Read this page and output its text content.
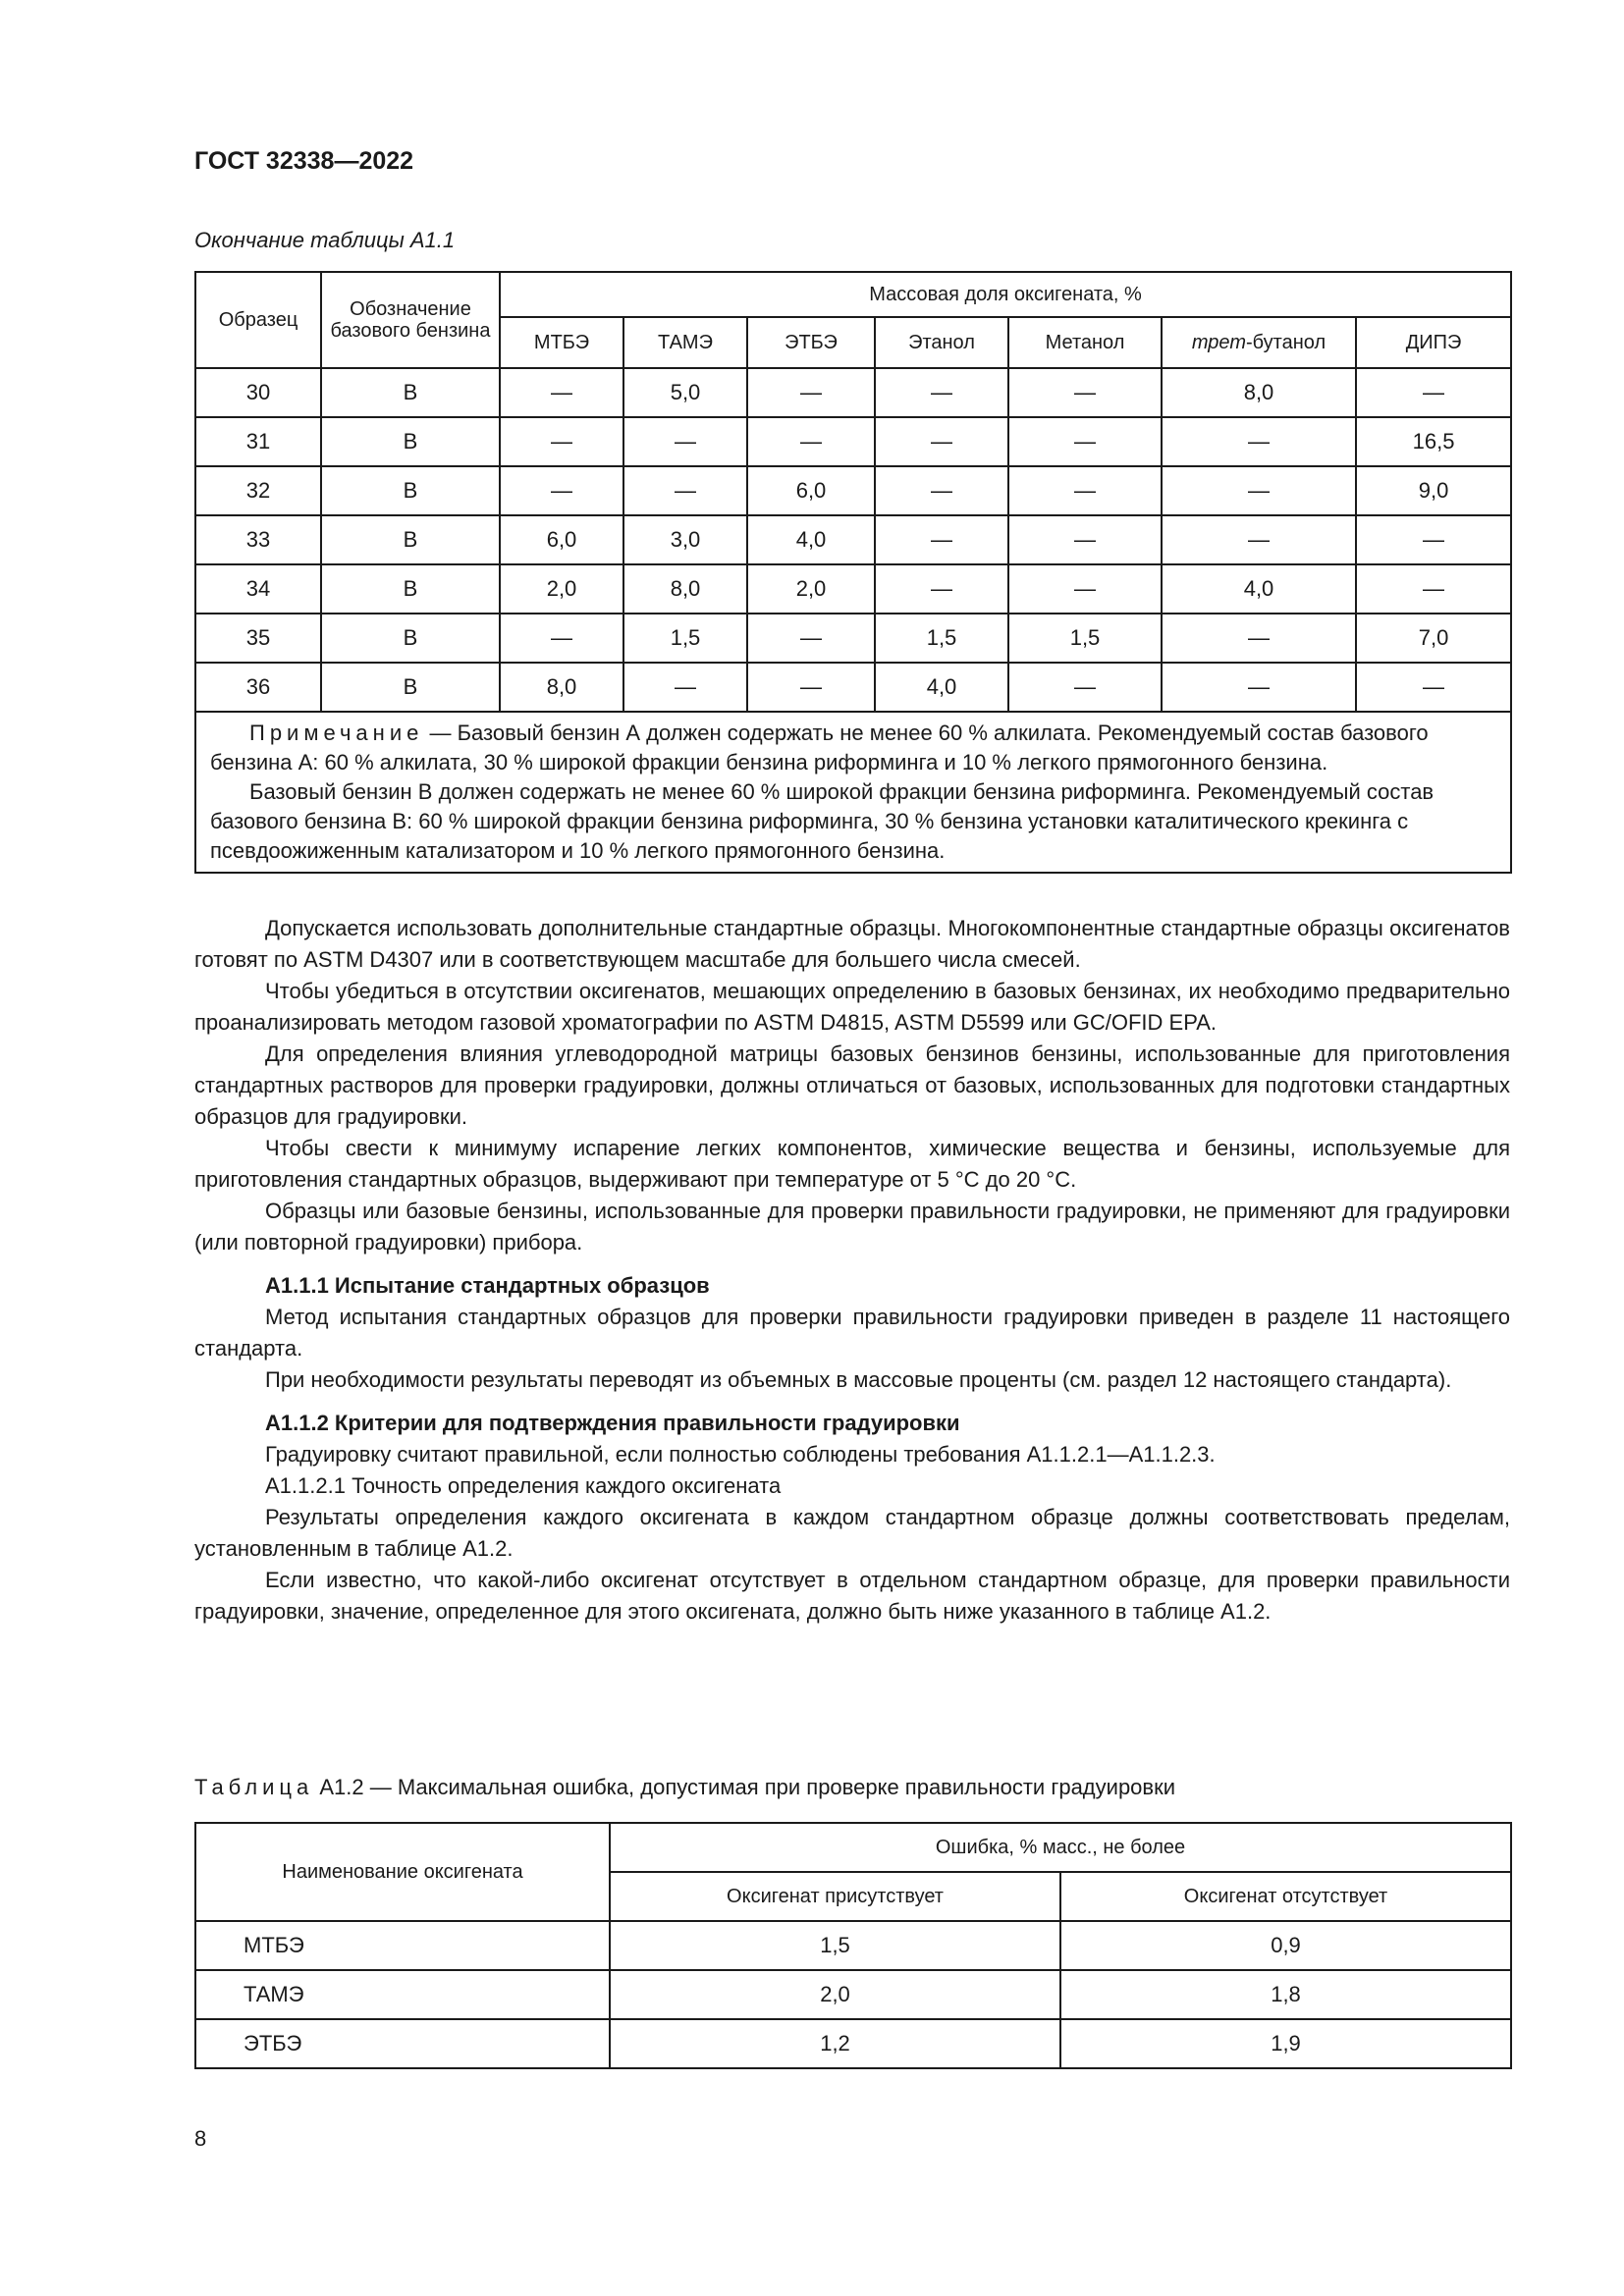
ГОСТ 32338—2022

Окончание таблицы А1.1

Образец	Обозначение базового бензина	Массовая доля оксигената, %						
		МТБЭ	ТАМЭ	ЭТБЭ	Этанол	Метанол	трет-бутанол	ДИПЭ
30	В	—	5,0	—	—	—	8,0	—
31	В	—	—	—	—	—	—	16,5
32	В	—	—	6,0	—	—	—	9,0
33	В	6,0	3,0	4,0	—	—	—	—
34	В	2,0	8,0	2,0	—	—	4,0	—
35	В	—	1,5	—	1,5	1,5	—	7,0
36	В	8,0	—	—	4,0	—	—	—

Примечание — Базовый бензин А должен содержать не менее 60 % алкилата. Рекомендуемый состав базового бензина А: 60 % алкилата, 30 % широкой фракции бензина риформинга и 10 % легкого прямогонного бензина.

Базовый бензин В должен содержать не менее 60 % широкой фракции бензина риформинга. Рекомендуемый состав базового бензина В: 60 % широкой фракции бензина риформинга, 30 % бензина установки каталитического крекинга с псевдоожиженным катализатором и 10 % легкого прямогонного бензина.								

Допускается использовать дополнительные стандартные образцы. Многокомпонентные стандартные образцы оксигенатов готовят по ASTM D4307 или в соответствующем масштабе для большего числа смесей.

Чтобы убедиться в отсутствии оксигенатов, мешающих определению в базовых бензинах, их необходимо предварительно проанализировать методом газовой хроматографии по ASTM D4815, ASTM D5599 или GC/OFID EPA.

Для определения влияния углеводородной матрицы базовых бензинов бензины, использованные для приготовления стандартных растворов для проверки градуировки, должны отличаться от базовых, использованных для подготовки стандартных образцов для градуировки.

Чтобы свести к минимуму испарение легких компонентов, химические вещества и бензины, используемые для приготовления стандартных образцов, выдерживают при температуре от 5 °С до 20 °С.

Образцы или базовые бензины, использованные для проверки правильности градуировки, не применяют для градуировки (или повторной градуировки) прибора.

А1.1.1 Испытание стандартных образцов

Метод испытания стандартных образцов для проверки правильности градуировки приведен в разделе 11 настоящего стандарта.

При необходимости результаты переводят из объемных в массовые проценты (см. раздел 12 настоящего стандарта).

А1.1.2 Критерии для подтверждения правильности градуировки

Градуировку считают правильной, если полностью соблюдены требования А1.1.2.1—А1.1.2.3.

А1.1.2.1 Точность определения каждого оксигената

Результаты определения каждого оксигената в каждом стандартном образце должны соответствовать пределам, установленным в таблице А1.2.

Если известно, что какой-либо оксигенат отсутствует в отдельном стандартном образце, для проверки правильности градуировки, значение, определенное для этого оксигената, должно быть ниже указанного в таблице А1.2.

Таблица А1.2 — Максимальная ошибка, допустимая при проверке правильности градуировки

Наименование оксигената	Ошибка, % масс., не более	
	Оксигенат присутствует	Оксигенат отсутствует
МТБЭ	1,5	0,9
ТАМЭ	2,0	1,8
ЭТБЭ	1,2	1,9

8
